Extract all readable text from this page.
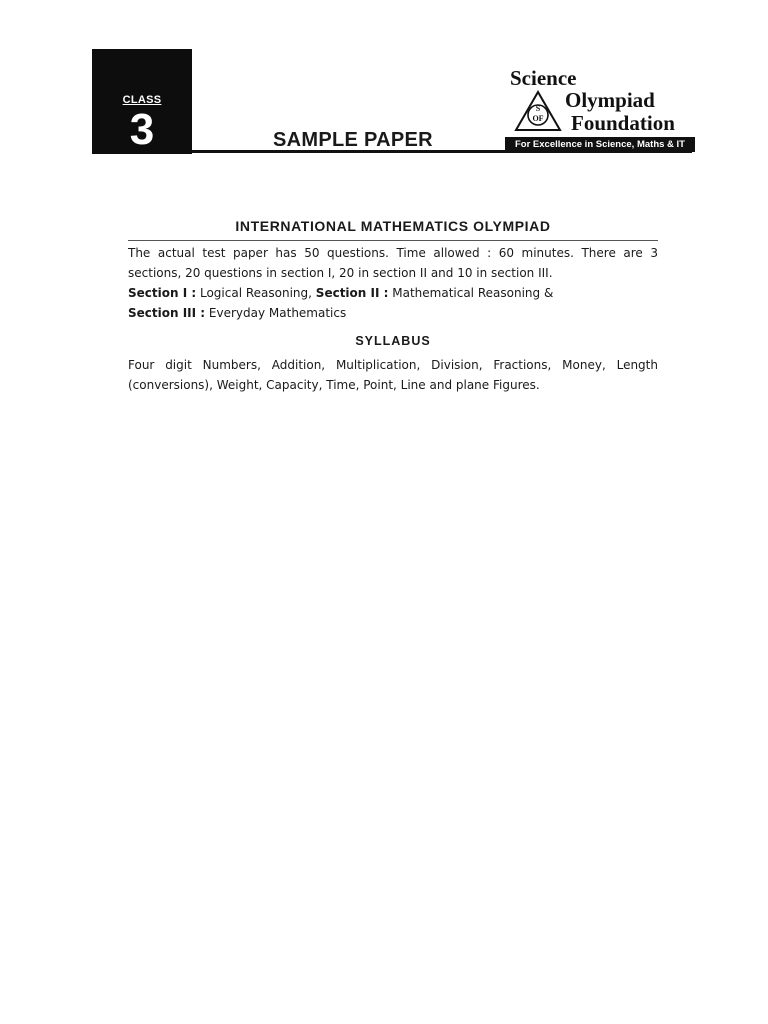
CLASS
3	SAMPLE PAPER
Science
S
OF
Olympiad
Foundation
For Excellence in Science, Maths & IT
INTERNATIONAL MATHEMATICS OLYMPIAD
The actual test paper has 50 questions. Time allowed : 60 minutes. There are 3 sections, 20 questions in section I, 20 in section II and 10 in section III.
Section I : Logical Reasoning, Section II : Mathematical Reasoning &
Section III : Everyday Mathematics
SYLLABUS
Four digit Numbers, Addition, Multiplication, Division, Fractions, Money, Length (conversions), Weight, Capacity, Time, Point, Line and plane Figures.
